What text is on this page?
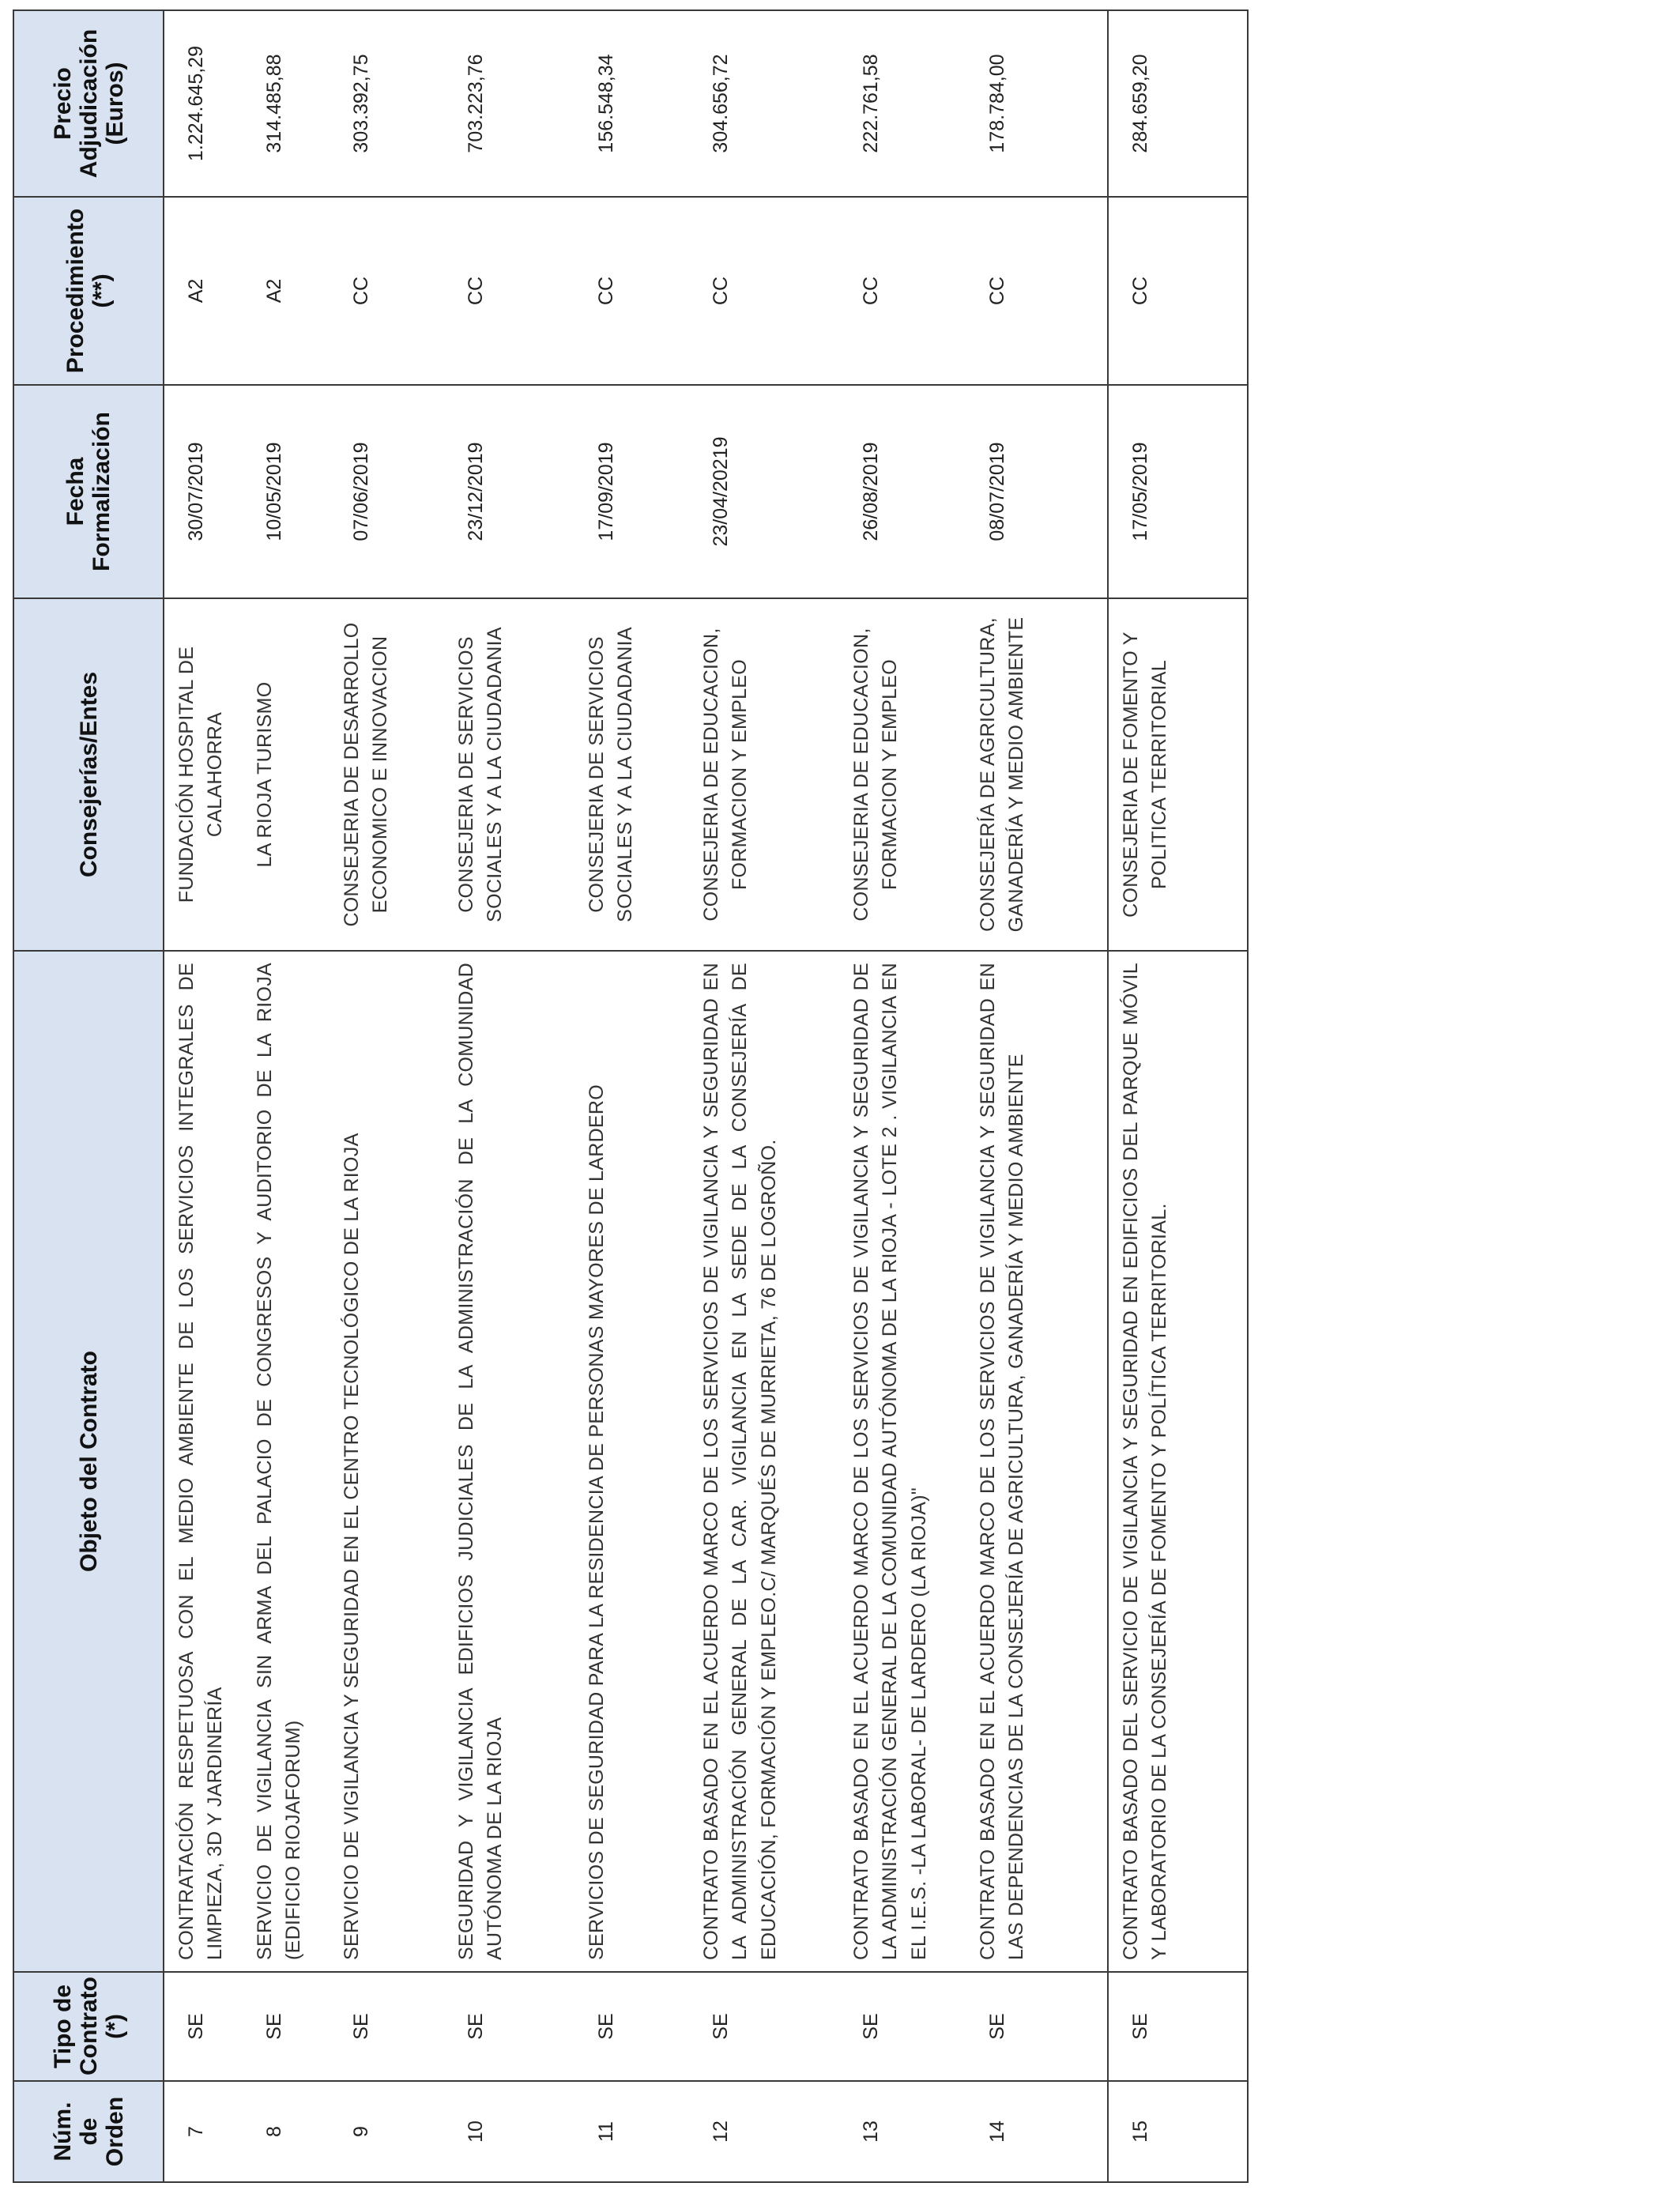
Núm. de Orden	Tipo de Contrato (*)	Objeto del Contrato	Consejerías/Entes	Fecha Formalización	Procedimiento (**)	Precio Adjudicación (Euros)
7	SE	CONTRATACIÓN RESPETUOSA CON EL MEDIO AMBIENTE DE LOS SERVICIOS INTEGRALES DE LIMPIEZA, 3D Y JARDINERÍA	FUNDACIÓN HOSPITAL DE CALAHORRA	30/07/2019	A2	1.224.645,29
8	SE	SERVICIO DE VIGILANCIA SIN ARMA DEL PALACIO DE CONGRESOS Y AUDITORIO DE LA RIOJA (EDIFICIO RIOJAFORUM)	LA RIOJA TURISMO	10/05/2019	A2	314.485,88
9	SE	SERVICIO DE VIGILANCIA Y SEGURIDAD EN EL CENTRO TECNOLÓGICO DE LA RIOJA	CONSEJERIA DE DESARROLLO ECONOMICO E INNOVACION	07/06/2019	CC	303.392,75
10	SE	SEGURIDAD Y VIGILANCIA EDIFICIOS JUDICIALES DE LA ADMINISTRACIÓN DE LA COMUNIDAD AUTÓNOMA DE LA RIOJA	CONSEJERIA DE SERVICIOS SOCIALES Y A LA CIUDADANIA	23/12/2019	CC	703.223,76
11	SE	SERVICIOS DE SEGURIDAD PARA LA RESIDENCIA DE PERSONAS MAYORES DE LARDERO	CONSEJERIA DE SERVICIOS SOCIALES Y A LA CIUDADANIA	17/09/2019	CC	156.548,34
12	SE	CONTRATO BASADO EN EL ACUERDO MARCO DE LOS SERVICIOS DE VIGILANCIA Y SEGURIDAD EN LA ADMINISTRACIÓN GENERAL DE LA CAR. VIGILANCIA EN LA SEDE DE LA CONSEJERÍA DE EDUCACIÓN, FORMACIÓN Y EMPLEO.C/ MARQUÉS DE MURRIETA, 76 DE LOGROÑO.	CONSEJERIA DE EDUCACION, FORMACION Y EMPLEO	23/04/20219	CC	304.656,72
13	SE	CONTRATO BASADO EN EL ACUERDO MARCO DE LOS SERVICIOS DE VIGILANCIA Y SEGURIDAD DE LA ADMINISTRACIÓN GENERAL DE LA COMUNIDAD AUTÓNOMA DE LA RIOJA - LOTE 2 . VIGILANCIA EN EL I.E.S. -LA LABORAL- DE LARDERO (LA RIOJA)"	CONSEJERIA DE EDUCACION, FORMACION Y EMPLEO	26/08/2019	CC	222.761,58
14	SE	CONTRATO BASADO EN EL ACUERDO MARCO DE LOS SERVICIOS DE VIGILANCIA Y SEGURIDAD EN LAS DEPENDENCIAS DE LA CONSEJERÍA DE AGRICULTURA, GANADERÍA Y MEDIO AMBIENTE	CONSEJERÍA DE AGRICULTURA, GANADERÍA Y MEDIO AMBIENTE	08/07/2019	CC	178.784,00
15	SE	CONTRATO BASADO DEL SERVICIO DE VIGILANCIA Y SEGURIDAD EN EDIFICIOS DEL PARQUE MÓVIL Y LABORATORIO DE LA CONSEJERÍA DE FOMENTO Y POLÍTICA TERRITORIAL.	CONSEJERIA DE FOMENTO Y POLITICA TERRITORIAL	17/05/2019	CC	284.659,20
